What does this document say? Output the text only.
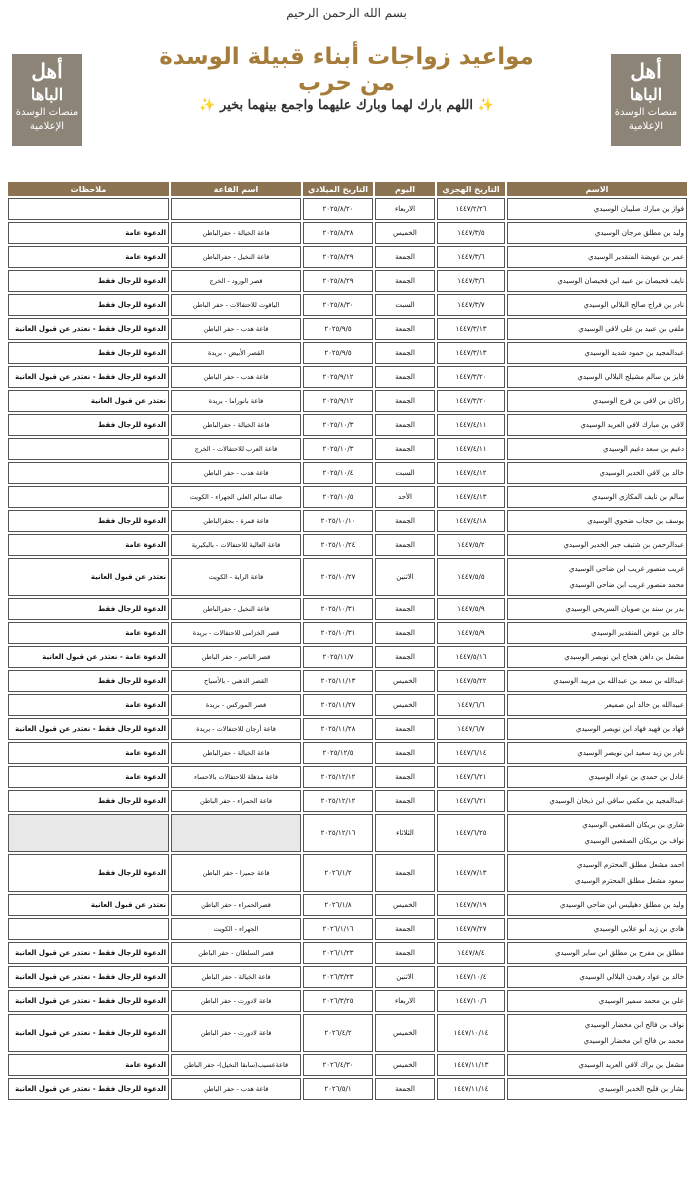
بسم الله الرحمن الرحيم
أهل
الباها
منصات الوسدة
الإعلامية
أهل
الباها
منصات الوسدة
الإعلامية
مواعيد زواجات أبناء قبيلة الوسدة من حرب
✨ اللهم بارك لهما وبارك عليهما واجمع بينهما بخير ✨
الاسم	التاريخ الهجري	اليوم	التاريخ الميلادي	اسم القاعة	ملاحظات
فواز بن مبارك صليبان الوسيدي	١٤٤٧/٢/٢٦	الاربعاء	٢٠٢٥/٨/٢٠		
وليد بن مطلق مرجان الوسيدي	١٤٤٧/٣/٥	الخميس	٢٠٢٥/٨/٢٨	قاعة الخيالة - حفرالباطن	الدعوة عامة
عمر بن عويضة المنقدير الوسيدي	١٤٤٧/٣/٦	الجمعة	٢٠٢٥/٨/٢٩	قاعة النخيل - حفرالباطن	الدعوة عامة
نايف فحيصان بن عبيد ابن فحيصان الوسيدي	١٤٤٧/٣/٦	الجمعة	٢٠٢٥/٨/٢٩	قصر الورود - الخرج	الدعوة للرجال فقط
نادر بن فراج صالح البلالي الوسيدي	١٤٤٧/٣/٧	السبت	٢٠٢٥/٨/٣٠	الياقوت للاحتفالات - حفر الباطن	الدعوة للرجال فقط
ملفي بن عبيد بن علي لافي الوسيدي	١٤٤٧/٣/١٣	الجمعة	٢٠٢٥/٩/٥	قاعة هدب - حفر الباطن	الدعوة للرجال فقط - نعتذر عن قبول العانية
عبدالمجيد بن حمود شديد الوسيدي	١٤٤٧/٣/١٣	الجمعة	٢٠٢٥/٩/٥	القصر الأبيض - بريدة	الدعوة للرجال فقط
فايز بن سالم مشيلح البلالي الوسيدي	١٤٤٧/٣/٢٠	الجمعة	٢٠٢٥/٩/١٢	قاعة هدب - حفر الباطن	الدعوة للرجال فقط - نعتذر عن قبول العانية
راكان بن لافي بن فرج الوسيدي	١٤٤٧/٣/٢٠	الجمعة	٢٠٢٥/٩/١٢	قاعة بانوراما - بريدة	نعتذر عن قبول العانية
لافي بن مبارك لافي العريد الوسيدي	١٤٤٧/٤/١١	الجمعة	٢٠٢٥/١٠/٣	قاعة الخيالة - حفرالباطن	الدعوة للرجال فقط
دغيم بن سعد دغيم الوسيدي	١٤٤٧/٤/١١	الجمعة	٢٠٢٥/١٠/٣	قاعة العرب للاحتفالات - الخرج	
خالد بن لافي الخدير الوسيدي	١٤٤٧/٤/١٢	السبت	٢٠٢٥/١٠/٤	قاعة هدب - حفر الباطن	
سالم بن نايف المكازي الوسيدي	١٤٤٧/٤/١٣	الأحد	٢٠٢٥/١٠/٥	صالة سالم العلي الجهراء - الكويت	
يوسف بن حجاب ضحوي الوسيدي	١٤٤٧/٤/١٨	الجمعة	٢٠٢٥/١٠/١٠	قاعة قمرة - بحفرالباطن	الدعوة للرجال فقط
عبدالرحمن بن شتيف جبر الخدير الوسيدي	١٤٤٧/٥/٢	الجمعة	٢٠٢٥/١٠/٢٤	قاعة العالية للاحتفالات - بالبكيرية	الدعوة عامة
غريب منصور غريب ابن ضاحي الوسيدي
محمد منصور غريب ابن ضاحي الوسيدي	١٤٤٧/٥/٥	الاثنين	٢٠٢٥/١٠/٢٧	قاعة الراية - الكويت	نعتذر عن قبول العانية
بدر بن سند بن صويان السريحي الوسيدي	١٤٤٧/٥/٩	الجمعة	٢٠٢٥/١٠/٣١	قاعة النخيل - حفرالباطن	الدعوة للرجال فقط
خالد بن عوض المنقدير الوسيدي	١٤٤٧/٥/٩	الجمعة	٢٠٢٥/١٠/٣١	قصر الخزامى للاحتفالات - بريدة	الدعوة عامة
مشعل بن داهن هجاج ابن نويصر الوسيدي	١٤٤٧/٥/١٦	الجمعة	٢٠٢٥/١١/٧	قصر الناصر - حفر الباطن	الدعوة عامة - نعتذر عن قبول العانية
عبدالله بن سعد بن عبدالله بن مريبد الوسيدي	١٤٤٧/٥/٢٢	الخميس	٢٠٢٥/١١/١٣	القصر الذهبي - بالأسياح	الدعوة للرجال فقط
عبيدالله بن خالد ابن صميعر	١٤٤٧/٦/٦	الخميس	٢٠٢٥/١١/٢٧	قصر الموركس - بريدة	الدعوة عامة
فهاد بن فهيد فهاد ابن نويصر الوسيدي	١٤٤٧/٦/٧	الجمعة	٢٠٢٥/١١/٢٨	قاعة أرجان للاحتفالات - بريدة	الدعوة للرجال فقط - نعتذر عن قبول العانية
نادر بن زيد سعيد ابن نويصر الوسيدي	١٤٤٧/٦/١٤	الجمعة	٢٠٢٥/١٢/٥	قاعة الخيالة - حفرالباطن	الدعوة عامة
عادل بن حمدي بن عواد الوسيدي	١٤٤٧/٦/٢١	الجمعة	٢٠٢٥/١٢/١٢	قاعة مذهلة للاحتفالات بالاحساء	الدعوة عامة
عبدالمجيد بن مكمي ساقي ابن ذيخان الوسيدي	١٤٤٧/٦/٢١	الجمعة	٢٠٢٥/١٢/١٢	قاعة الحمراء - حفر الباطن	الدعوة للرجال فقط
شاري بن بريكان الصقعبي الوسيدي
نواف بن بريكان الصقعبي الوسيدي	١٤٤٧/٦/٢٥	الثلاثاء	٢٠٢٥/١٢/١٦		
احمد مشعل مطلق المحترم الوسيدي
سعود مشعل مطلق المحترم الوسيدي	١٤٤٧/٧/١٣	الجمعة	٢٠٢٦/١/٢	قاعة جميرا - حفر الباطن	الدعوة للرجال فقط
وليد بن مطلق دهيليس ابن ضاحي الوسيدي	١٤٤٧/٧/١٩	الخميس	٢٠٢٦/١/٨	قصرالحمراء - حفر الباطن	نعتذر عن قبول العانية
هادي بن زيد أبو علايي الوسيدي	١٤٤٧/٧/٢٧	الجمعة	٢٠٢٦/١/١٦	الجهراء - الكويت	
مطلق بن مفرح بن مطلق ابن ساير الوسيدي	١٤٤٧/٨/٤	الجمعة	٢٠٢٦/١/٢٣	قصر السلطان - حفر الباطن	الدعوة للرجال فقط - نعتذر عن قبول العانية
خالد بن عواد رهيدن البلالي الوسيدي	١٤٤٧/١٠/٤	الاثنين	٢٠٢٦/٣/٢٣	قاعة الخيالة - حفر الباطن	الدعوة للرجال فقط - نعتذر عن قبول العانية
علي بن محمد سمير الوسيدي	١٤٤٧/١٠/٦	الاربعاء	٢٠٢٦/٣/٢٥	قاعة لادورت - حفر الباطن	الدعوة للرجال فقط - نعتذر عن قبول العانية
نواف بن فالح ابن مخضار الوسيدي
محمد بن فالح ابن مخضار الوسيدي	١٤٤٧/١٠/١٤	الخميس	٢٠٢٦/٤/٢	قاعة لادورت - حفر الباطن	الدعوة للرجال فقط - نعتذر عن قبول العانية
مشعل بن براك لافي العريد الوسيدي	١٤٤٧/١١/١٣	الخميس	٢٠٢٦/٤/٣٠	قاعةعسيب(سابقا النخيل)- حفر الباطن	الدعوة عامة
بشار بن فليح الخدير الوسيدي	١٤٤٧/١١/١٤	الجمعة	٢٠٢٦/٥/١	قاعة هدب - حفر الباطن	الدعوة للرجال فقط - نعتذر عن قبول العانية
